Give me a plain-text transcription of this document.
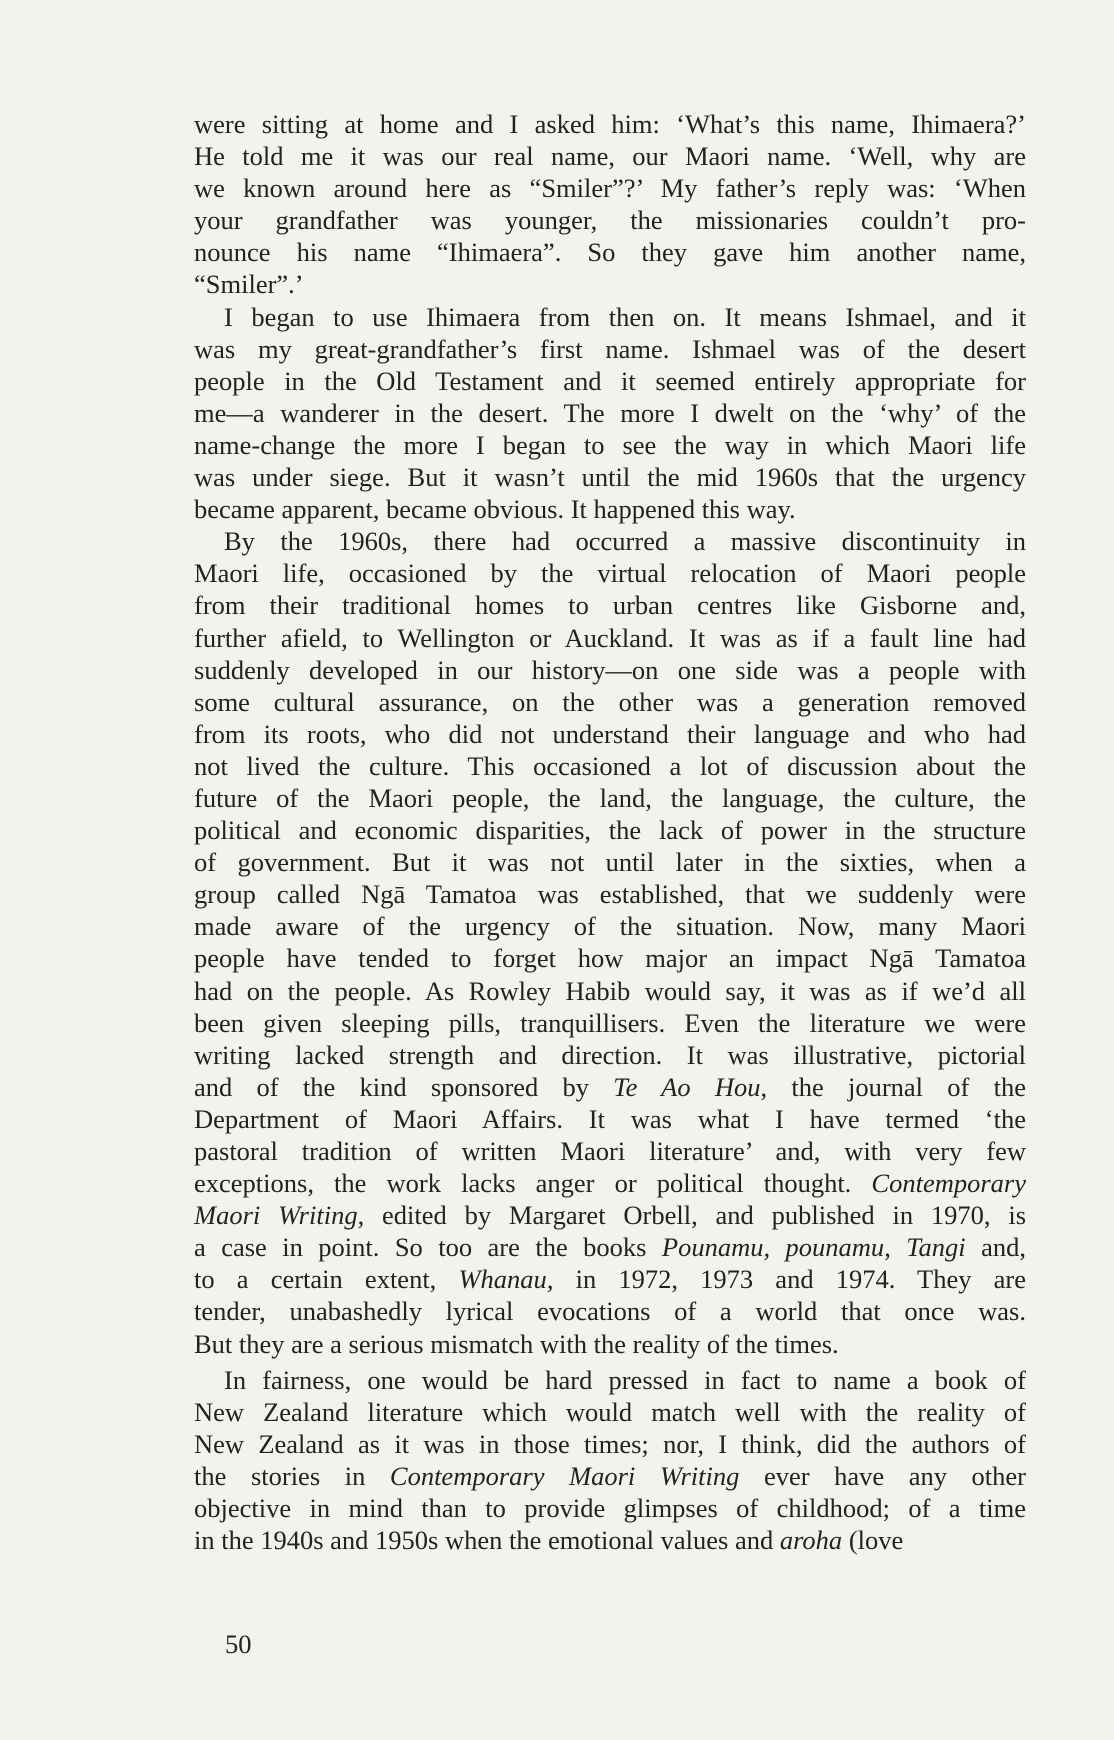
were sitting at home and I asked him: ‘What’s this name, Ihimaera?’
He told me it was our real name, our Maori name. ‘Well, why are
we known around here as “Smiler”?’ My father’s reply was: ‘When
your grandfather was younger, the missionaries couldn’t pro-
nounce his name “Ihimaera”. So they gave him another name,
“Smiler”.’
I began to use Ihimaera from then on. It means Ishmael, and it
was my great-grandfather’s first name. Ishmael was of the desert
people in the Old Testament and it seemed entirely appropriate for
me—a wanderer in the desert. The more I dwelt on the ‘why’ of the
name-change the more I began to see the way in which Maori life
was under siege. But it wasn’t until the mid 1960s that the urgency
became apparent, became obvious. It happened this way.
By the 1960s, there had occurred a massive discontinuity in
Maori life, occasioned by the virtual relocation of Maori people
from their traditional homes to urban centres like Gisborne and,
further afield, to Wellington or Auckland. It was as if a fault line had
suddenly developed in our history—on one side was a people with
some cultural assurance, on the other was a generation removed
from its roots, who did not understand their language and who had
not lived the culture. This occasioned a lot of discussion about the
future of the Maori people, the land, the language, the culture, the
political and economic disparities, the lack of power in the structure
of government. But it was not until later in the sixties, when a
group called Ngā Tamatoa was established, that we suddenly were
made aware of the urgency of the situation. Now, many Maori
people have tended to forget how major an impact Ngā Tamatoa
had on the people. As Rowley Habib would say, it was as if we’d all
been given sleeping pills, tranquillisers. Even the literature we were
writing lacked strength and direction. It was illustrative, pictorial
and of the kind sponsored by Te Ao Hou, the journal of the
Department of Maori Affairs. It was what I have termed ‘the
pastoral tradition of written Maori literature’ and, with very few
exceptions, the work lacks anger or political thought. Contemporary
Maori Writing, edited by Margaret Orbell, and published in 1970, is
a case in point. So too are the books Pounamu, pounamu, Tangi and,
to a certain extent, Whanau, in 1972, 1973 and 1974. They are
tender, unabashedly lyrical evocations of a world that once was.
But they are a serious mismatch with the reality of the times.
In fairness, one would be hard pressed in fact to name a book of
New Zealand literature which would match well with the reality of
New Zealand as it was in those times; nor, I think, did the authors of
the stories in Contemporary Maori Writing ever have any other
objective in mind than to provide glimpses of childhood; of a time
in the 1940s and 1950s when the emotional values and aroha (love
50
